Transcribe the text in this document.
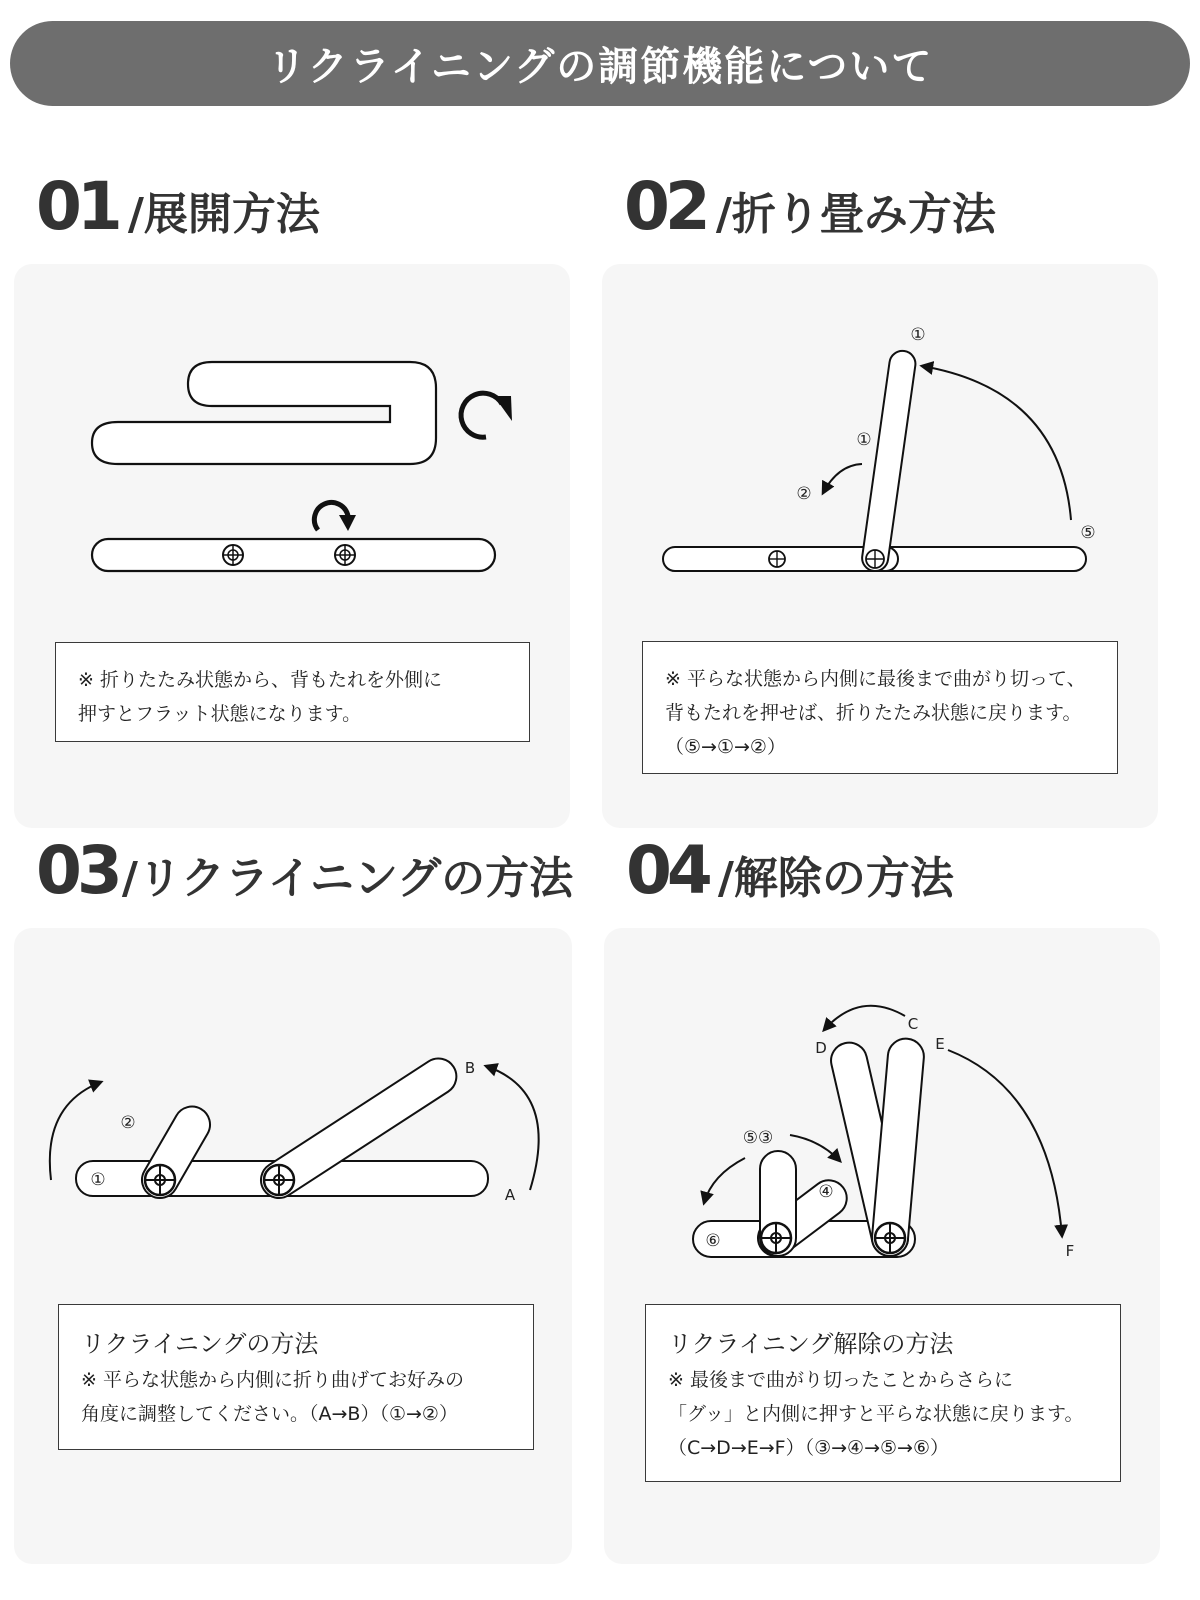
リクライニングの調節機能について
01 /展開方法

※ 折りたたみ状態から、背もたれを外側に

押すとフラット状態になります。

02 /折り畳み方法
①
①
②
⑤

※ 平らな状態から内側に最後まで曲がり切って、

背もたれを押せば、折りたたみ状態に戻ります。

（⑤→①→②）

03 /リクライニングの方法
①
②
A
B

リクライニングの方法

※ 平らな状態から内側に折り曲げてお好みの

角度に調整してください。（A→B）（①→②）

04 /解除の方法
C
D	E
F
⑤③
④
⑥

リクライニング解除の方法

※ 最後まで曲がり切ったことからさらに

「グッ」と内側に押すと平らな状態に戻ります。

（C→D→E→F）（③→④→⑤→⑥）
